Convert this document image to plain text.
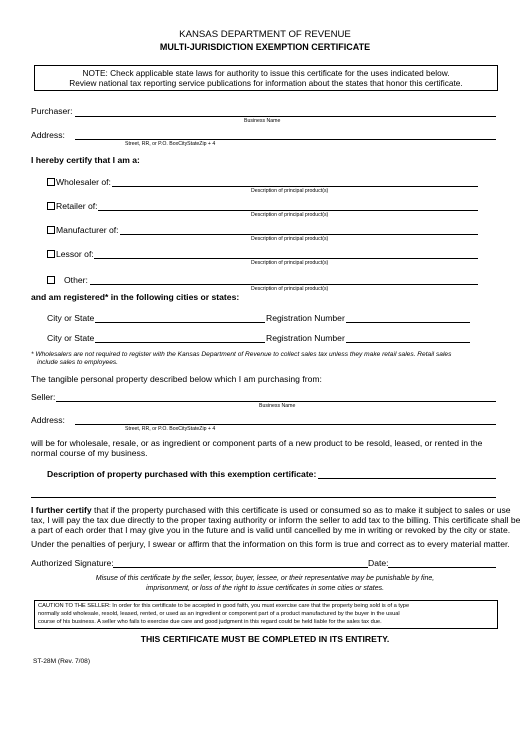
KANSAS DEPARTMENT OF REVENUE
MULTI-JURISDICTION EXEMPTION CERTIFICATE
NOTE: Check applicable state laws for authority to issue this certificate for the uses indicated below.
Review national tax reporting service publications for information about the states that honor this certificate.
Purchaser:
Business Name
Address:
Street, RR, or P.O. BoxCityStateZip + 4
I hereby certify that I am a:
Wholesaler of:
Description of principal product(s)
Retailer of:
Description of principal product(s)
Manufacturer of:
Description of principal product(s)
Lessor of:
Description of principal product(s)
Other:
Description of principal product(s)
and am registered* in the following cities or states:
City or State	Registration Number
City or State	Registration Number
* Wholesalers are not required to register with the Kansas Department of Revenue to collect sales tax unless they make retail sales. Retail sales
include sales to employees.
The tangible personal property described below which I am purchasing from:
Seller:
Business Name
Address:
Street, RR, or P.O. BoxCityStateZip + 4
will be for wholesale, resale, or as ingredient or component parts of a new product to be resold, leased, or rented in the
normal course of my business.
Description of property purchased with this exemption certificate:
I further certify that if the property purchased with this certificate is used or consumed so as to make it subject to sales or use
tax, I will pay the tax due directly to the proper taxing authority or inform the seller to add tax to the billing. This certificate shall be
a part of each order that I may give you in the future and is valid until cancelled by me in writing or revoked by the city or state.
Under the penalties of perjury, I swear or affirm that the information on this form is true and correct as to every material matter.
Authorized Signature:	Date:
Misuse of this certificate by the seller, lessor, buyer, lessee, or their representative may be punishable by fine,
imprisonment, or loss of the right to issue certificates in some cities or states.
CAUTION TO THE SELLER: In order for this certificate to be accepted in good faith, you must exercise care that the property being sold is of a type
normally sold wholesale, resold, leased, rented, or used as an ingredient or component part of a product manufactured by the buyer in the usual
course of his business. A seller who fails to exercise due care and good judgment in this regard could be held liable for the sales tax due.
THIS CERTIFICATE MUST BE COMPLETED IN ITS ENTIRETY.
ST-28M (Rev. 7/08)
